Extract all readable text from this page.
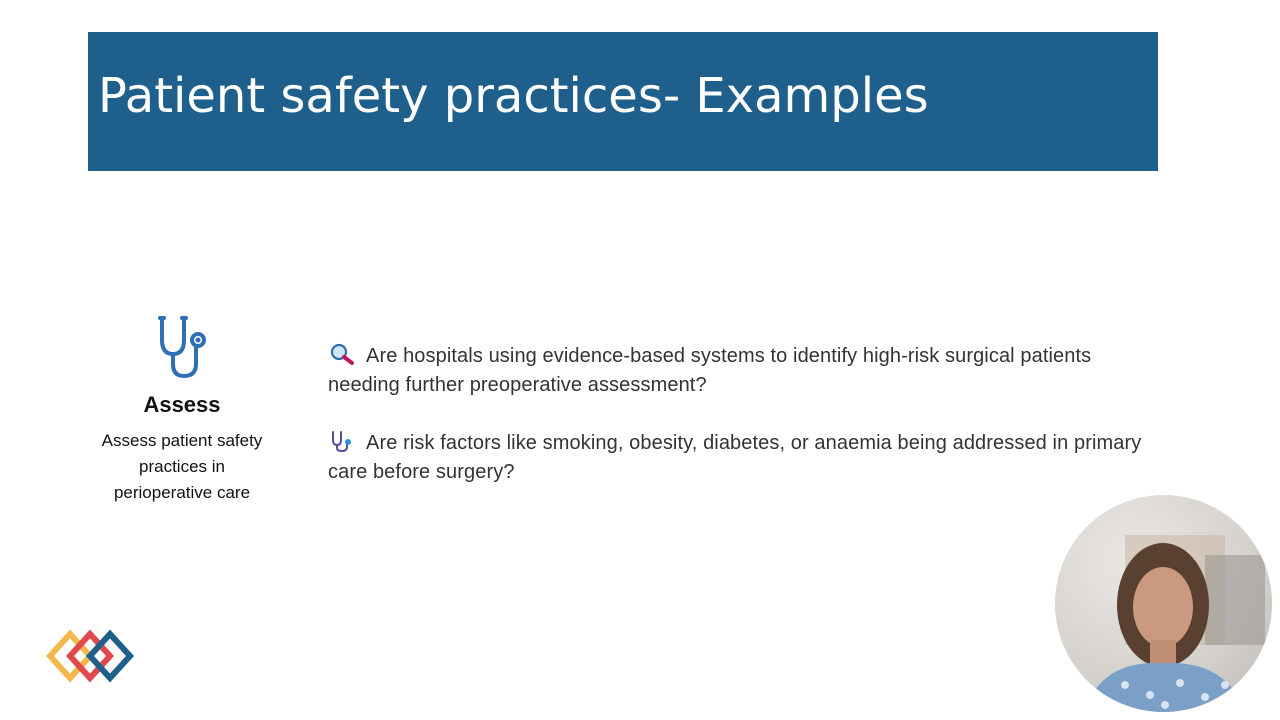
Patient safety practices- Examples
Assess
Assess patient safety
practices in
perioperative care
Are hospitals using evidence-based systems to identify high-risk surgical patients needing further preoperative assessment?
Are risk factors like smoking, obesity, diabetes, or anaemia being addressed in primary care before surgery?
